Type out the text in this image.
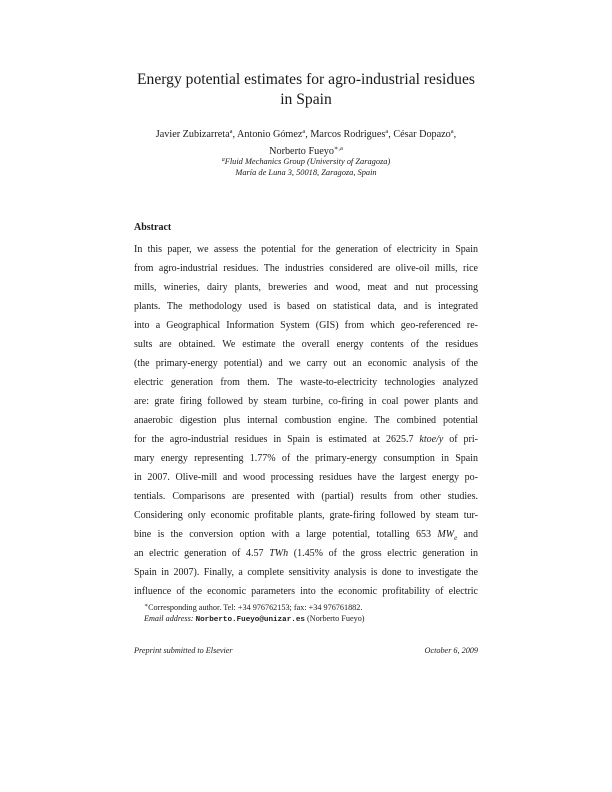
Energy potential estimates for agro-industrial residues
in Spain
Javier Zubizarreta$^a$, Antonio Gómez$^a$, Marcos Rodrigues$^a$, César Dopazo$^a$,
Norberto Fueyo$^{∗,a}$
$^a$Fluid Mechanics Group (University of Zaragoza)
María de Luna 3, 50018, Zaragoza, Spain
Abstract
In this paper, we assess the potential for the generation of electricity in Spain
from agro-industrial residues. The industries considered are olive-oil mills, rice
mills, wineries, dairy plants, breweries and wood, meat and nut processing
plants. The methodology used is based on statistical data, and is integrated
into a Geographical Information System (GIS) from which geo-referenced re-
sults are obtained. We estimate the overall energy contents of the residues
(the primary-energy potential) and we carry out an economic analysis of the
electric generation from them. The waste-to-electricity technologies analyzed
are: grate firing followed by steam turbine, co-firing in coal power plants and
anaerobic digestion plus internal combustion engine. The combined potential
for the agro-industrial residues in Spain is estimated at 2625.7 ktoe/y of pri-
mary energy representing 1.77% of the primary-energy consumption in Spain
in 2007. Olive-mill and wood processing residues have the largest energy po-
tentials. Comparisons are presented with (partial) results from other studies.
Considering only economic profitable plants, grate-firing followed by steam tur-
bine is the conversion option with a large potential, totalling 653 $MW_e$ and
an electric generation of 4.57 TWh (1.45% of the gross electric generation in
Spain in 2007). Finally, a complete sensitivity analysis is done to investigate the
influence of the economic parameters into the economic profitability of electric
∗Corresponding author. Tel: +34 976762153; fax: +34 976761882.
Email address: Norberto.Fueyo@unizar.es (Norberto Fueyo)
Preprint submitted to Elsevier	October 6, 2009
